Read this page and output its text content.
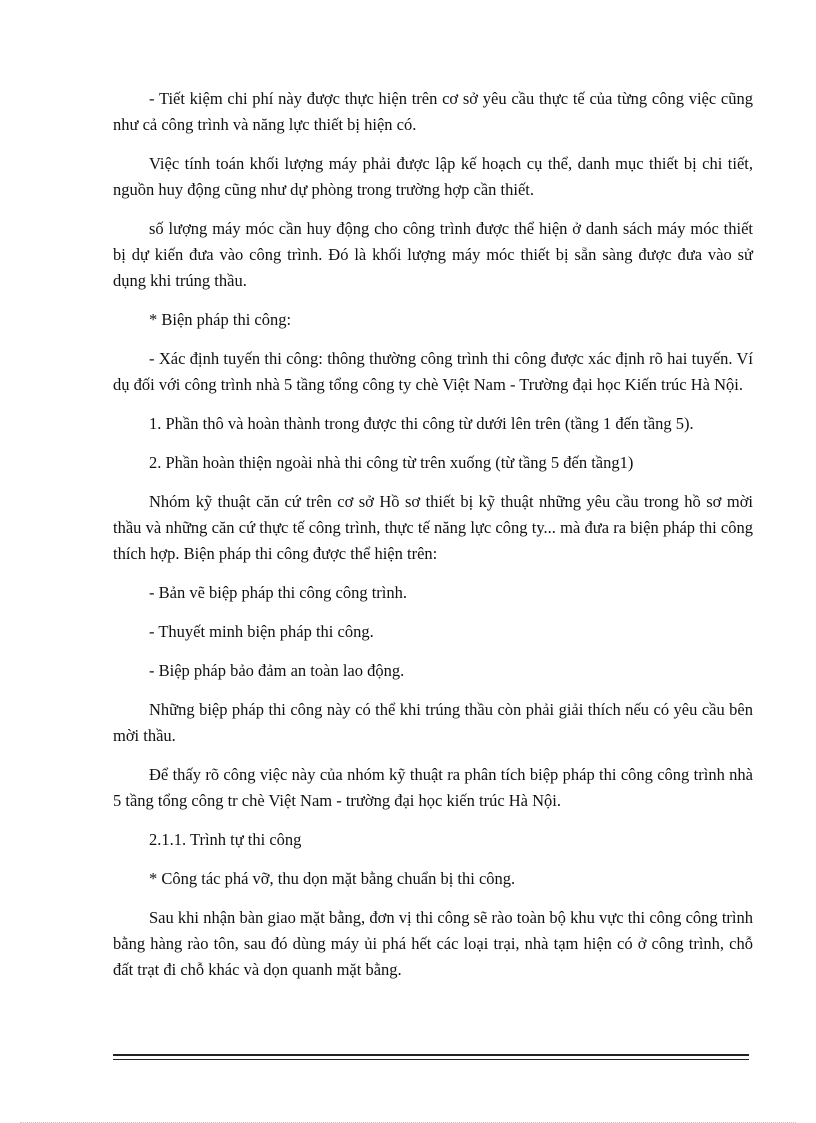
- Tiết kiệm chi phí này được thực hiện trên cơ sở yêu cầu thực tế của từng công việc cũng như cả công trình và năng lực thiết bị hiện có.

Việc tính toán khối lượng máy phải được lập kế hoạch cụ thể, danh mục thiết bị chi tiết, nguồn huy động cũng như dự phòng trong trường hợp cần thiết.

số lượng máy móc cần huy động cho công trình được thể hiện ở danh sách máy móc thiết bị dự kiến đưa vào công trình. Đó là khối lượng máy móc thiết bị sẵn sàng được đưa vào sử dụng khi trúng thầu.

* Biện pháp thi công:

- Xác định tuyến thi công: thông thường công trình thi công được xác định rõ hai tuyến. Ví dụ đối với công trình nhà 5 tầng tổng công ty chè Việt Nam - Trường đại học Kiến trúc Hà Nội.

1. Phần thô và hoàn thành trong được thi công từ dưới lên trên (tầng 1 đến tầng 5).

2. Phần hoàn thiện ngoài nhà thi công từ trên xuống (từ tầng 5 đến tầng1)

Nhóm kỹ thuật căn cứ trên cơ sở Hồ sơ thiết bị kỹ thuật những yêu cầu trong hồ sơ mời thầu và những căn cứ thực tế công trình, thực tế năng lực công ty... mà đưa ra biện pháp thi công thích hợp. Biện pháp thi công được thể hiện trên:

- Bản vẽ biệp pháp thi công công trình.

- Thuyết minh biện pháp thi công.

- Biệp pháp bảo đảm an toàn lao động.

Những biệp pháp thi công này có thể khi trúng thầu còn phải giải thích nếu có yêu cầu bên mời thầu.

Để thấy rõ công việc này của nhóm kỹ thuật ra phân tích biệp pháp thi công công trình nhà 5 tầng tổng công tr chè Việt Nam - trường đại học kiến trúc Hà Nội.

2.1.1. Trình tự thi công

* Công tác phá vỡ, thu dọn mặt bằng chuẩn bị thi công.

Sau khi nhận bàn giao mặt bằng, đơn vị thi công sẽ rào toàn bộ khu vực thi công công trình bằng hàng rào tôn, sau đó dùng máy ủi phá hết các loại trại, nhà tạm hiện có ở công trình, chỗ đất trạt đi chỗ khác và dọn quanh mặt bằng.
